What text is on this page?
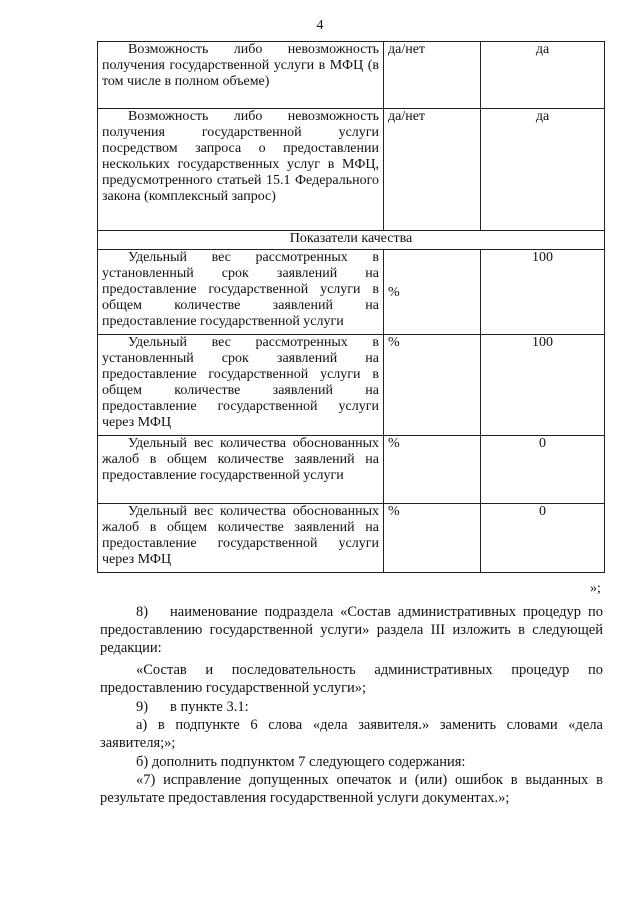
4
Возможность либо невозможность получения государственной услуги в МФЦ (в том числе в полном объеме)	да/нет	да
Возможность либо невозможность получения государственной услуги посредством запроса о предоставлении нескольких государственных услуг в МФЦ, предусмотренного статьей 15.1 Федерального закона (комплексный запрос)	да/нет	да
Показатели качества		
Удельный вес рассмотренных в установленный срок заявлений на предоставление государственной услуги в общем количестве заявлений на предоставление государственной услуги	%	100
Удельный вес рассмотренных в установленный срок заявлений на предоставление государственной услуги в общем количестве заявлений на предоставление государственной услуги через МФЦ	%	100
Удельный вес количества обоснованных жалоб в общем количестве заявлений на предоставление государственной услуги	%	0
Удельный вес количества обоснованных жалоб в общем количестве заявлений на предоставление государственной услуги через МФЦ	%	0
»;
8) наименование подраздела «Состав административных процедур по предоставлению государственной услуги» раздела III изложить в следующей редакции:
«Состав и последовательность административных процедур по предоставлению государственной услуги»;
9) в пункте 3.1:
а) в подпункте 6 слова «дела заявителя.» заменить словами «дела заявителя;»;
б) дополнить подпунктом 7 следующего содержания:
«7) исправление допущенных опечаток и (или) ошибок в выданных в результате предоставления государственной услуги документах.»;
